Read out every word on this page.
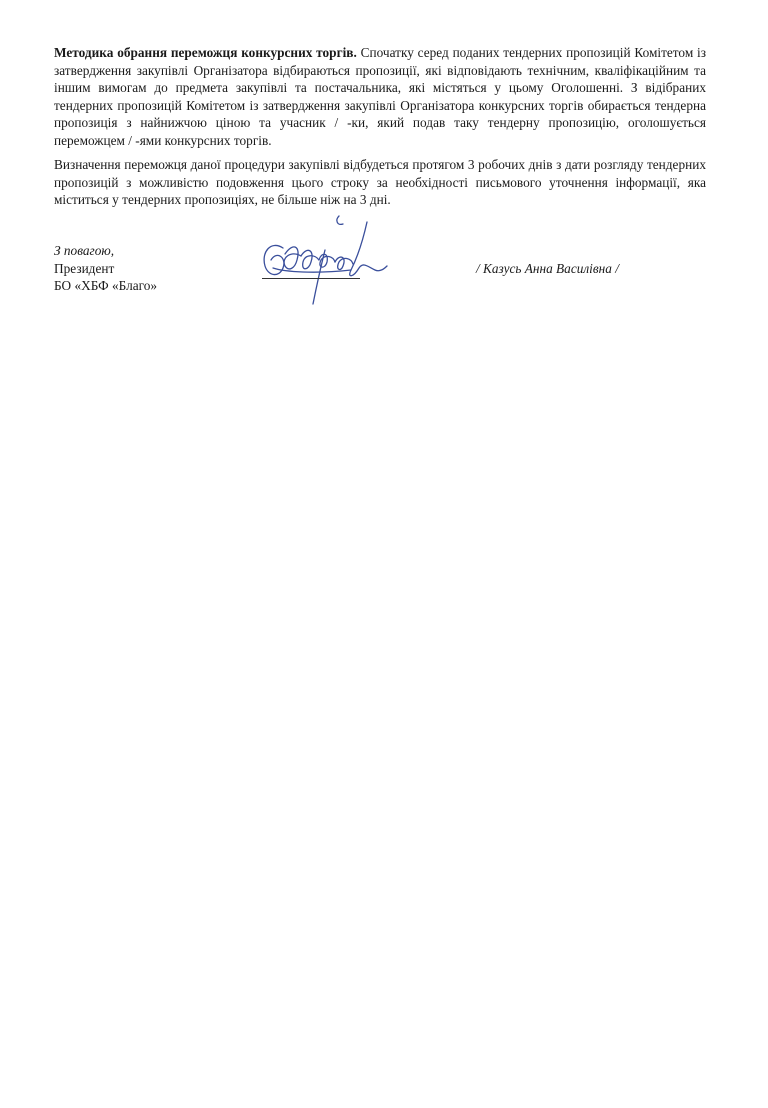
Методика обрання переможця конкурсних торгів. Спочатку серед поданих тендерних пропозицій Комітетом із затвердження закупівлі Організатора відбираються пропозиції, які відповідають технічним, кваліфікаційним та іншим вимогам до предмета закупівлі та постачальника, які містяться у цьому Оголошенні. З відібраних тендерних пропозицій Комітетом із затвердження закупівлі Організатора конкурсних торгів обирається тендерна пропозиція з найнижчою ціною та учасник / -ки, який подав таку тендерну пропозицію, оголошується переможцем / -ями конкурсних торгів.

Визначення переможця даної процедури закупівлі відбудеться протягом 3 робочих днів з дати розгляду тендерних пропозицій з можливістю подовження цього строку за необхідності письмового уточнення інформації, яка міститься у тендерних пропозиціях, не більше ніж на 3 дні.

З повагою,
Президент
БО «ХБФ «Благо»

/ Казусь Анна Василівна /
